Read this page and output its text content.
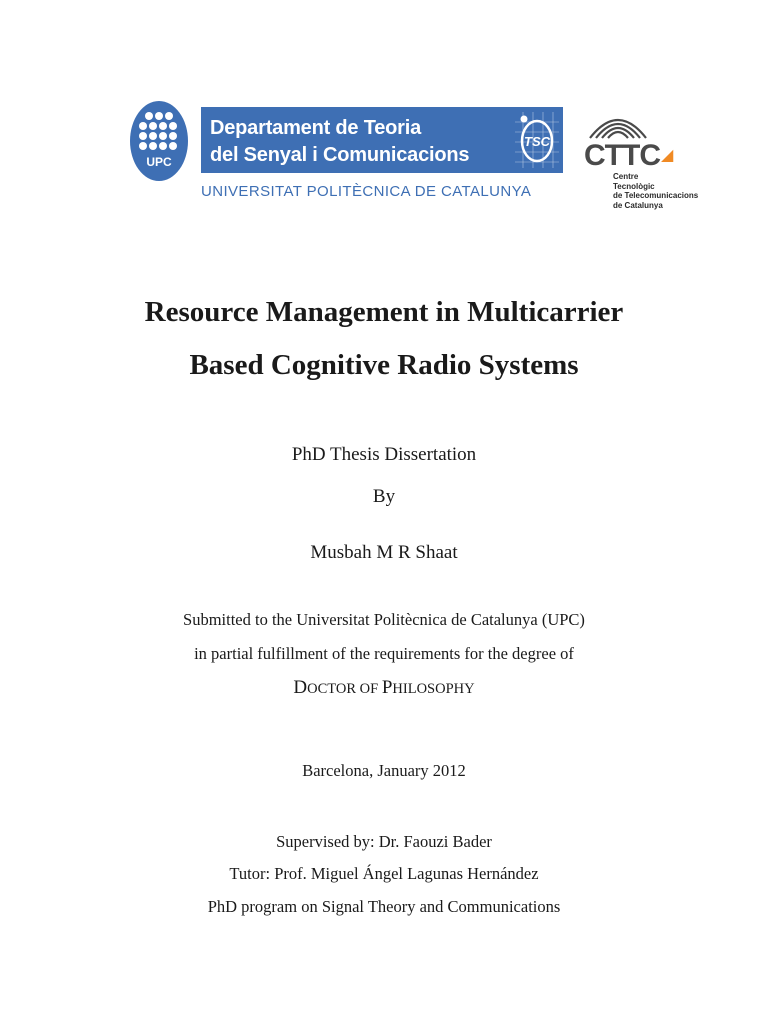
UPC
Departament de Teoria
del Senyal i Comunicacions
TSC
UNIVERSITAT POLITÈCNICA DE CATALUNYA
CTTC◢
Centre
Tecnològic
de Telecomunicacions
de Catalunya
Resource Management in Multicarrier
Based Cognitive Radio Systems
PhD Thesis Dissertation
By
Musbah M R Shaat
Submitted to the Universitat Politècnica de Catalunya (UPC)
in partial fulfillment of the requirements for the degree of
DOCTOR OF PHILOSOPHY
Barcelona, January 2012
Supervised by: Dr. Faouzi Bader
Tutor: Prof. Miguel Ángel Lagunas Hernández
PhD program on Signal Theory and Communications
